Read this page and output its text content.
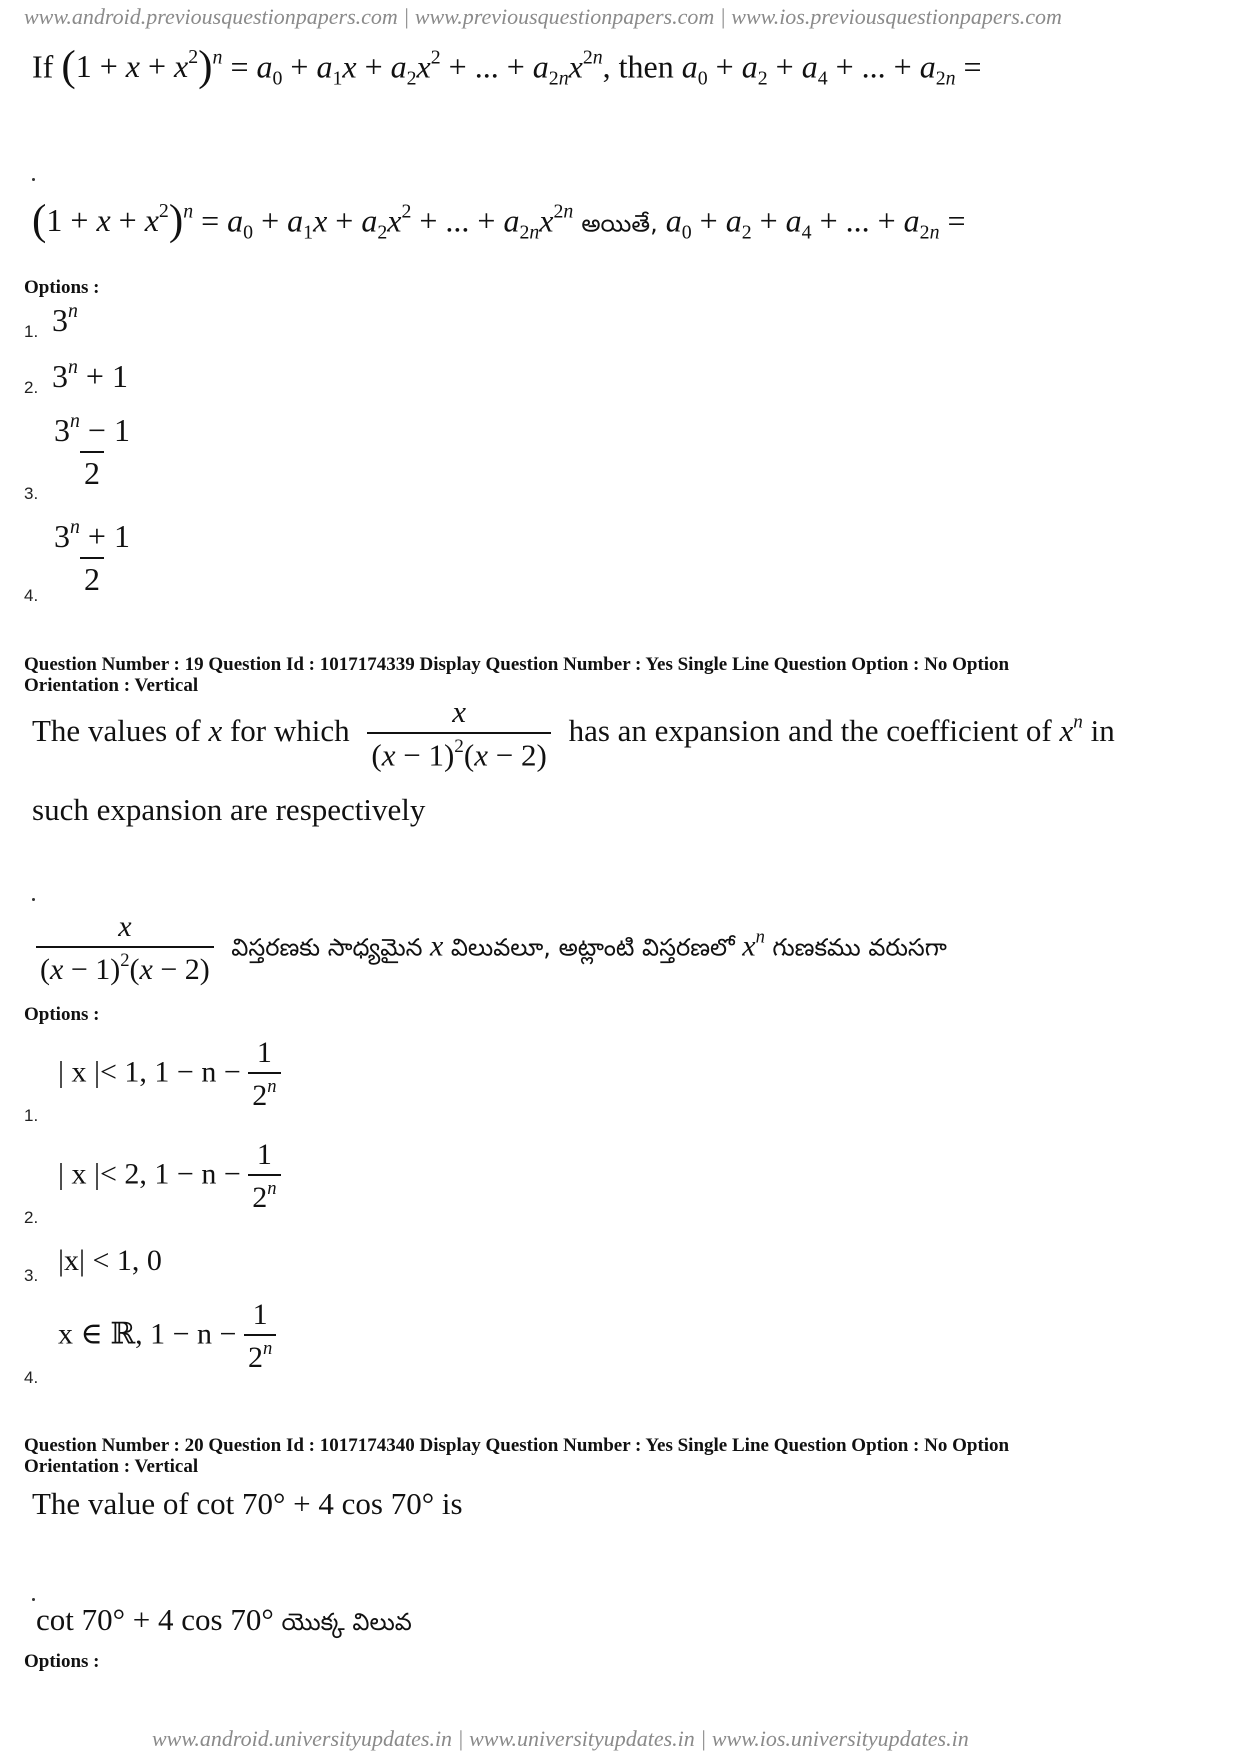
www.android.previousquestionpapers.com | www.previousquestionpapers.com | www.ios.previousquestionpapers.com
www.android.universityupdates.in | www.universityupdates.in | www.ios.universityupdates.in
If $(1 + x + x^2)^n = a_0 + a_1x + a_2x^2$ + ... + $a_{2n}x^{2n}$, then $a_0 + a_2 + a_4$ + ... + $a_{2n}$ =
$(1 + x + x^2)^n = a_0 + a_1x + a_2x^2$ + ... + $a_{2n}x^{2n}$ అయితే, $a_0 + a_2 + a_4$ + ... + $a_{2n}$ =
Options :
1. 3$^n$
2. $3^n + 1$
3.
$\frac{3^n - 1}{2}$
4. $\frac{3^n + 1}{2}$
Question Number : 19 Question Id : 1017174339 Display Question Number : Yes Single Line Question Option : No Option
Orientation : Vertical
The values of x for which $\frac{x}{(x - 1)^2(x - 2)}$ has an expansion and the coefficient of $x^n$ in
such expansion are respectively
$\frac{x}{(x - 1)^2(x - 2)}$ విస్తరణకు సాధ్యమైన x విలువలూ, అట్లాంటి విస్తరణలో $x^n$ గుణకము వరుసగా
Options :
1.
| x |< 1, $1 - n - \frac{1}{2^n}$
2.
| x |< 2, $1 - n - \frac{1}{2^n}$
3. |x| < 1, 0
4.
x ∈ ℝ, $1 - n - \frac{1}{2^n}$
Question Number : 20 Question Id : 1017174340 Display Question Number : Yes Single Line Question Option : No Option
Orientation : Vertical
The value of cot 70° + 4 cos 70° is
cot 70° + 4 cos 70° యొక్క విలువ
Options :
